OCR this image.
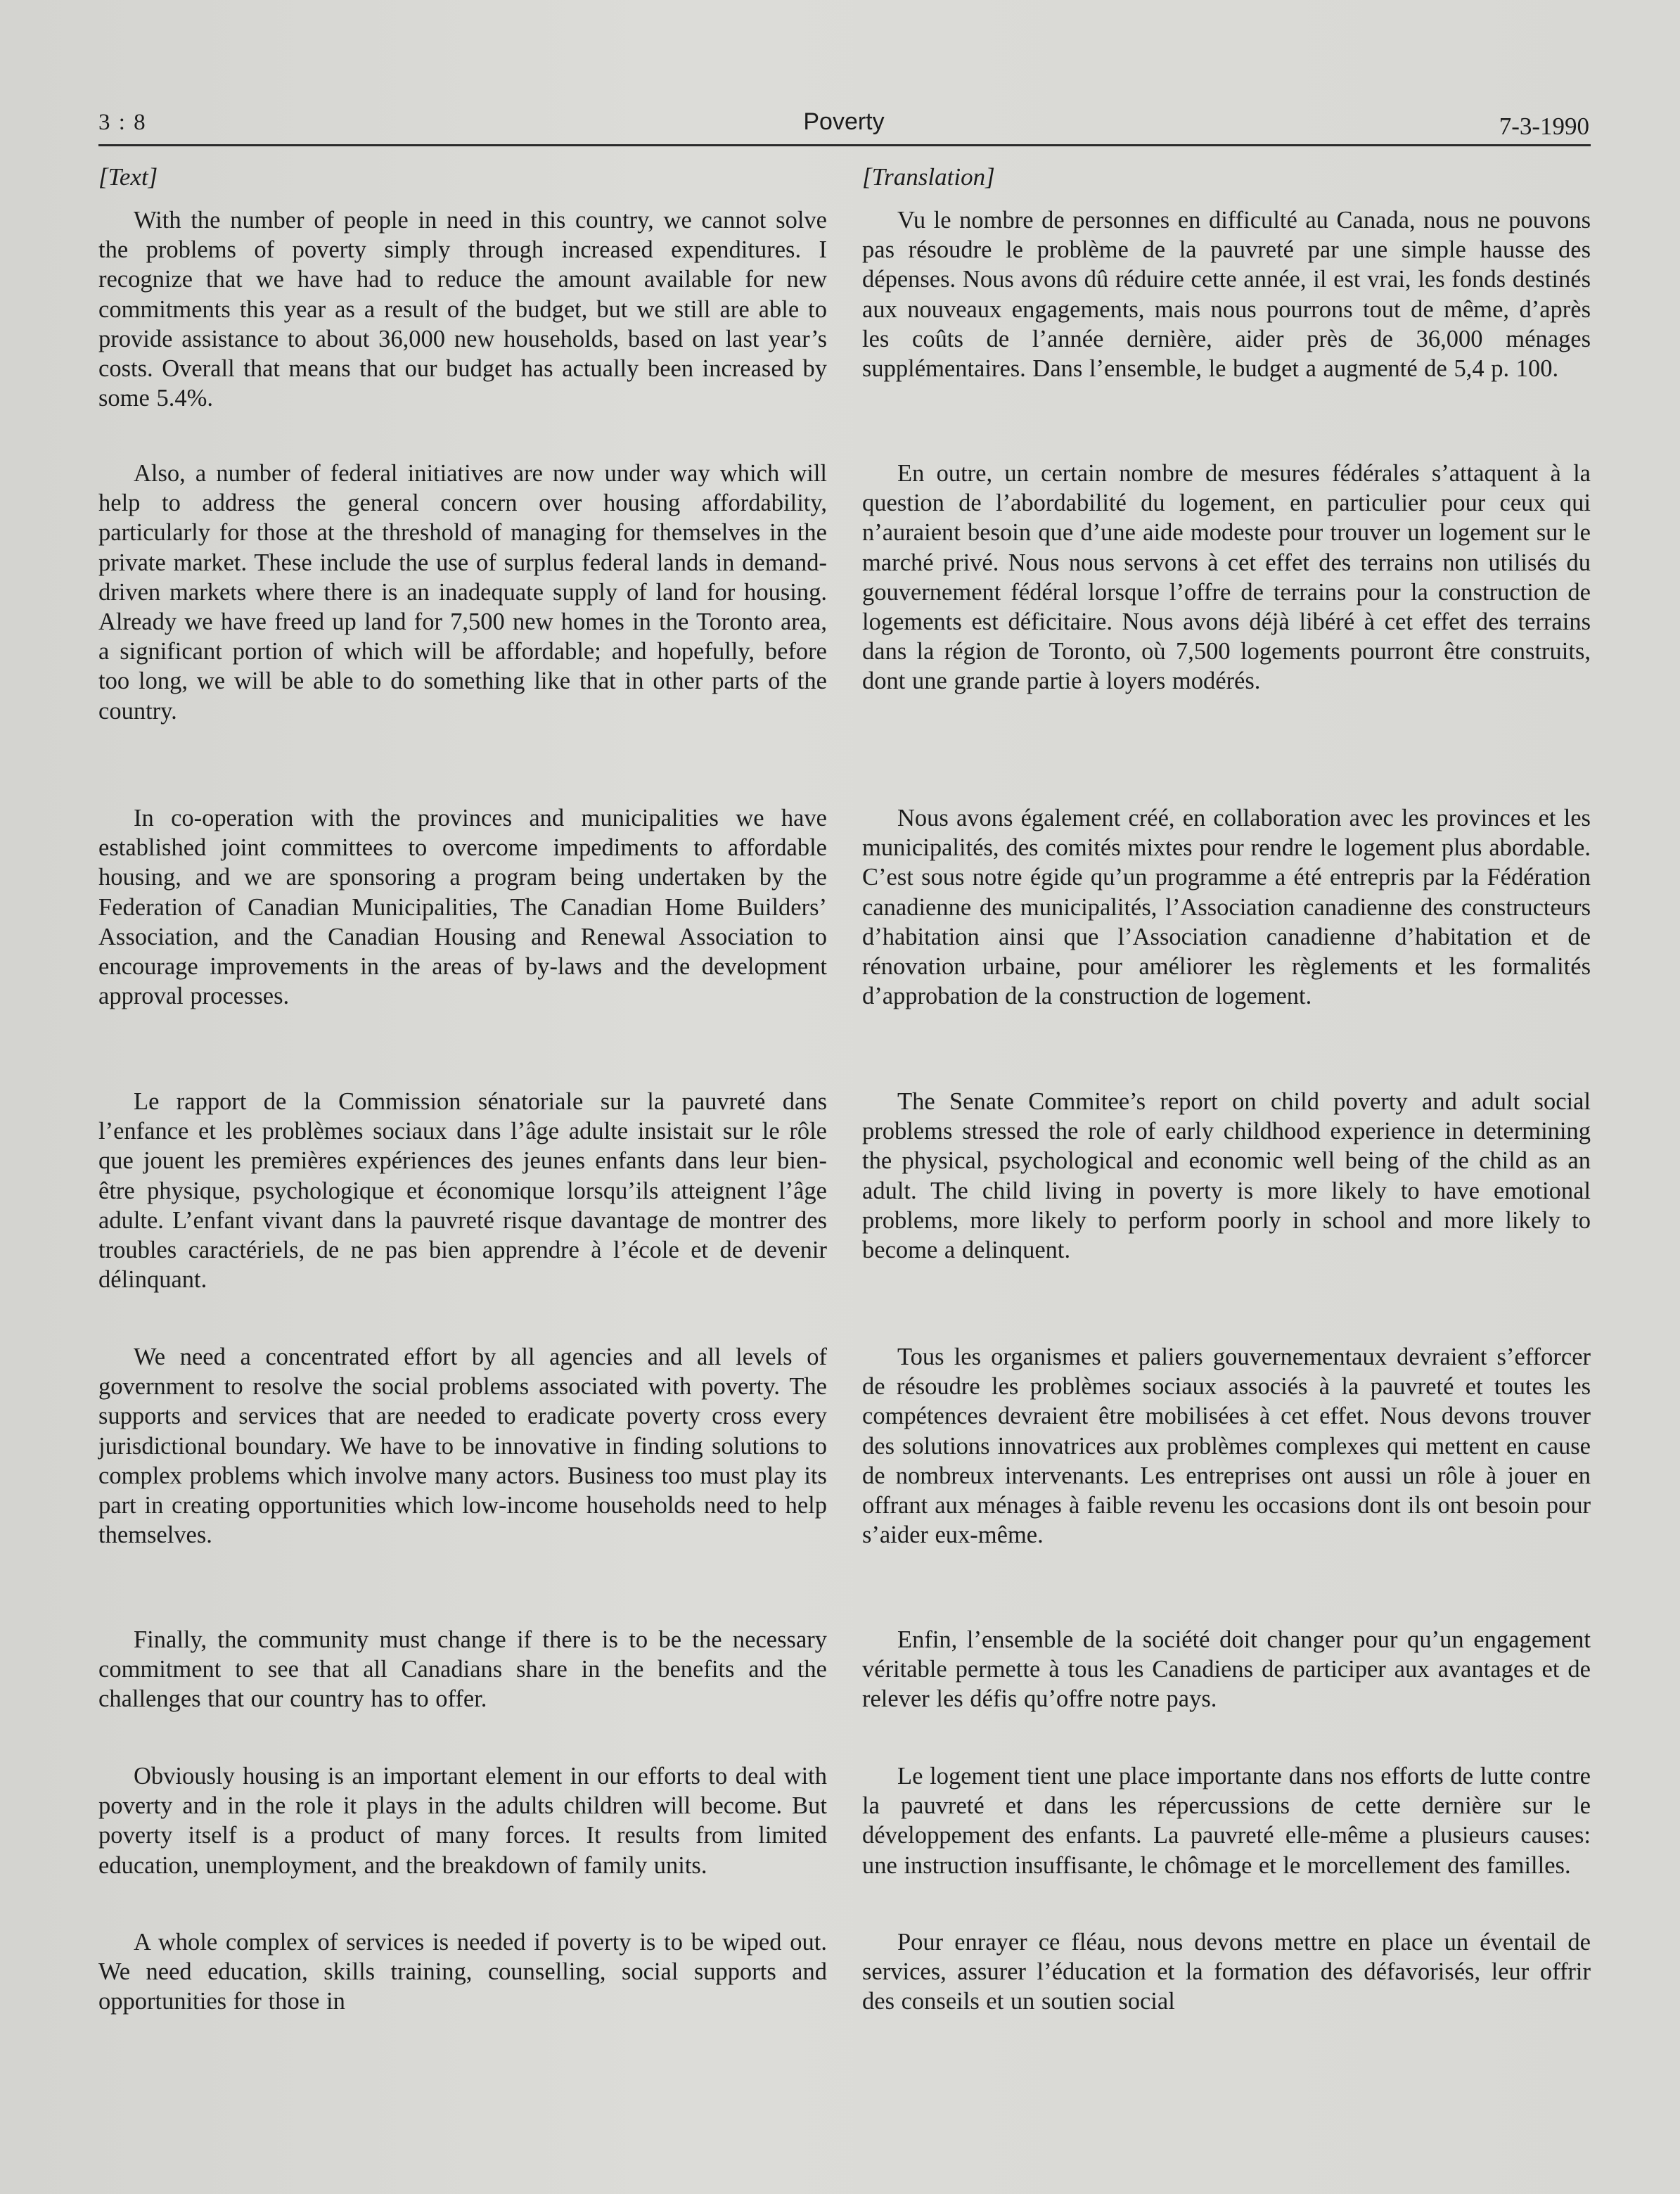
3 : 8	Poverty	7-3-1990
[Text]

With the number of people in need in this country, we cannot solve the problems of poverty simply through increased expenditures. I recognize that we have had to reduce the amount available for new commitments this year as a result of the budget, but we still are able to provide assistance to about 36,000 new households, based on last year’s costs. Overall that means that our budget has actually been increased by some 5.4%.

Also, a number of federal initiatives are now under way which will help to address the general concern over housing affordability, particularly for those at the threshold of managing for themselves in the private market. These include the use of surplus federal lands in demand-driven markets where there is an inadequate supply of land for housing. Already we have freed up land for 7,500 new homes in the Toronto area, a significant portion of which will be affordable; and hopefully, before too long, we will be able to do something like that in other parts of the country.

In co-operation with the provinces and municipalities we have established joint committees to overcome impediments to affordable housing, and we are sponsoring a program being undertaken by the Federation of Canadian Municipalities, The Canadian Home Builders’ Association, and the Canadian Housing and Renewal Association to encourage improvements in the areas of by-laws and the development approval processes.

Le rapport de la Commission sénatoriale sur la pauvreté dans l’enfance et les problèmes sociaux dans l’âge adulte insistait sur le rôle que jouent les premières expériences des jeunes enfants dans leur bien-être physique, psychologique et économique lorsqu’ils atteignent l’âge adulte. L’enfant vivant dans la pauvreté risque davantage de montrer des troubles caractériels, de ne pas bien apprendre à l’école et de devenir délinquant.

We need a concentrated effort by all agencies and all levels of government to resolve the social problems associated with poverty. The supports and services that are needed to eradicate poverty cross every jurisdictional boundary. We have to be innovative in finding solutions to complex problems which involve many actors. Business too must play its part in creating opportunities which low-income households need to help themselves.

Finally, the community must change if there is to be the necessary commitment to see that all Canadians share in the benefits and the challenges that our country has to offer.

Obviously housing is an important element in our efforts to deal with poverty and in the role it plays in the adults children will become. But poverty itself is a product of many forces. It results from limited education, unemployment, and the breakdown of family units.

A whole complex of services is needed if poverty is to be wiped out. We need education, skills training, counselling, social supports and opportunities for those in

[Translation]

Vu le nombre de personnes en difficulté au Canada, nous ne pouvons pas résoudre le problème de la pauvreté par une simple hausse des dépenses. Nous avons dû réduire cette année, il est vrai, les fonds destinés aux nouveaux engagements, mais nous pourrons tout de même, d’après les coûts de l’année dernière, aider près de 36,000 ménages supplémentaires. Dans l’ensemble, le budget a augmenté de 5,4 p. 100.

En outre, un certain nombre de mesures fédérales s’attaquent à la question de l’abordabilité du logement, en particulier pour ceux qui n’auraient besoin que d’une aide modeste pour trouver un logement sur le marché privé. Nous nous servons à cet effet des terrains non utilisés du gouvernement fédéral lorsque l’offre de terrains pour la construction de logements est déficitaire. Nous avons déjà libéré à cet effet des terrains dans la région de Toronto, où 7,500 logements pourront être construits, dont une grande partie à loyers modérés.

Nous avons également créé, en collaboration avec les provinces et les municipalités, des comités mixtes pour rendre le logement plus abordable. C’est sous notre égide qu’un programme a été entrepris par la Fédération canadienne des municipalités, l’Association canadienne des constructeurs d’habitation ainsi que l’Association canadienne d’habitation et de rénovation urbaine, pour améliorer les règlements et les formalités d’approbation de la construction de logement.

The Senate Commitee’s report on child poverty and adult social problems stressed the role of early childhood experience in determining the physical, psychological and economic well being of the child as an adult. The child living in poverty is more likely to have emotional problems, more likely to perform poorly in school and more likely to become a delinquent.

Tous les organismes et paliers gouvernementaux devraient s’efforcer de résoudre les problèmes sociaux associés à la pauvreté et toutes les compétences devraient être mobilisées à cet effet. Nous devons trouver des solutions innovatrices aux problèmes complexes qui mettent en cause de nombreux intervenants. Les entreprises ont aussi un rôle à jouer en offrant aux ménages à faible revenu les occasions dont ils ont besoin pour s’aider eux-même.

Enfin, l’ensemble de la société doit changer pour qu’un engagement véritable permette à tous les Canadiens de participer aux avantages et de relever les défis qu’offre notre pays.

Le logement tient une place importante dans nos efforts de lutte contre la pauvreté et dans les répercussions de cette dernière sur le développement des enfants. La pauvreté elle-même a plusieurs causes: une instruction insuffisante, le chômage et le morcellement des familles.

Pour enrayer ce fléau, nous devons mettre en place un éventail de services, assurer l’éducation et la formation des défavorisés, leur offrir des conseils et un soutien social
